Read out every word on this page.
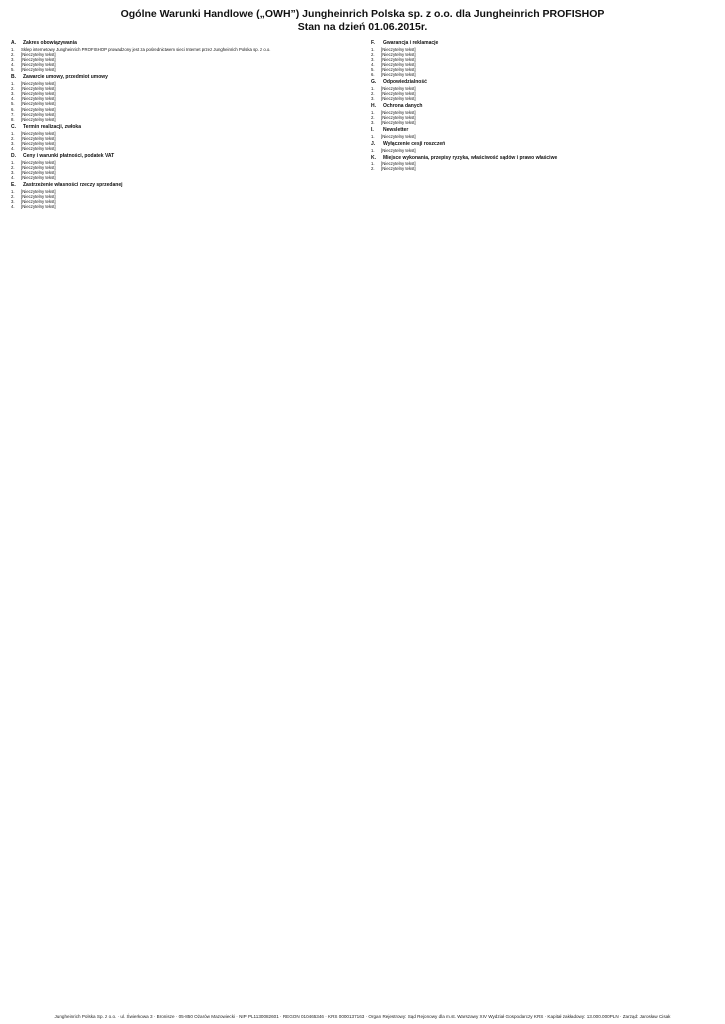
Ogólne Warunki Handlowe („OWH”) Jungheinrich Polska sp. z o.o. dla Jungheinrich PROFISHOP
Stan na dzień 01.06.2015r.
A. Zakres obowiązywania
1.	Sklep internetowy Jungheinrich PROFISHOP prowadzony jest za pośrednictwem sieci Internet przez Jungheinrich Polska sp. z o.o.
2.	[Nieczytelny tekst]
3.	[Nieczytelny tekst]
4.	[Nieczytelny tekst]
5.	[Nieczytelny tekst]
B. Zawarcie umowy, przedmiot umowy
1.	[Nieczytelny tekst]
2.	[Nieczytelny tekst]
3.	[Nieczytelny tekst]
4.	[Nieczytelny tekst]
5.	[Nieczytelny tekst]
6.	[Nieczytelny tekst]
7.	[Nieczytelny tekst]
8.	[Nieczytelny tekst]
C. Termin realizacji, zwłoka
1.	[Nieczytelny tekst]
2.	[Nieczytelny tekst]
3.	[Nieczytelny tekst]
4.	[Nieczytelny tekst]
D. Ceny i warunki płatności, podatek VAT
1.	[Nieczytelny tekst]
2.	[Nieczytelny tekst]
3.	[Nieczytelny tekst]
4.	[Nieczytelny tekst]
E. Zastrzeżenie własności rzeczy sprzedanej
1.	[Nieczytelny tekst]
2.	[Nieczytelny tekst]
3.	[Nieczytelny tekst]
4.	[Nieczytelny tekst]
F. Gwarancja i reklamacje
1.	[Nieczytelny tekst]
2.	[Nieczytelny tekst]
3.	[Nieczytelny tekst]
4.	[Nieczytelny tekst]
5.	[Nieczytelny tekst]
6.	[Nieczytelny tekst]
G. Odpowiedzialność
1.	[Nieczytelny tekst]
2.	[Nieczytelny tekst]
3.	[Nieczytelny tekst]
H. Ochrona danych
1.	[Nieczytelny tekst]
2.	[Nieczytelny tekst]
3.	[Nieczytelny tekst]
I. Newsletter
1.	[Nieczytelny tekst]
J. Wyłączenie cesji roszczeń
1.	[Nieczytelny tekst]
K. Miejsce wykonania, przepisy ryzyka, właściwość sądów i prawo właściwe
1.	[Nieczytelny tekst]
2.	[Nieczytelny tekst]
Jungheinrich Polska Sp. z o.o. · ul. Świerkowa 3 · Bronisze · 05-850 Ożarów Mazowiecki · NIP PL1130082601 · REGON 010465346 · KRS 0000137163 · Organ Rejestrowy: Sąd Rejonowy dla m.st. Warszawy XIV Wydział Gospodarczy KRS · Kapitał zakładowy: 13.000.000PLN · Zarząd: Jarosław Cisak
